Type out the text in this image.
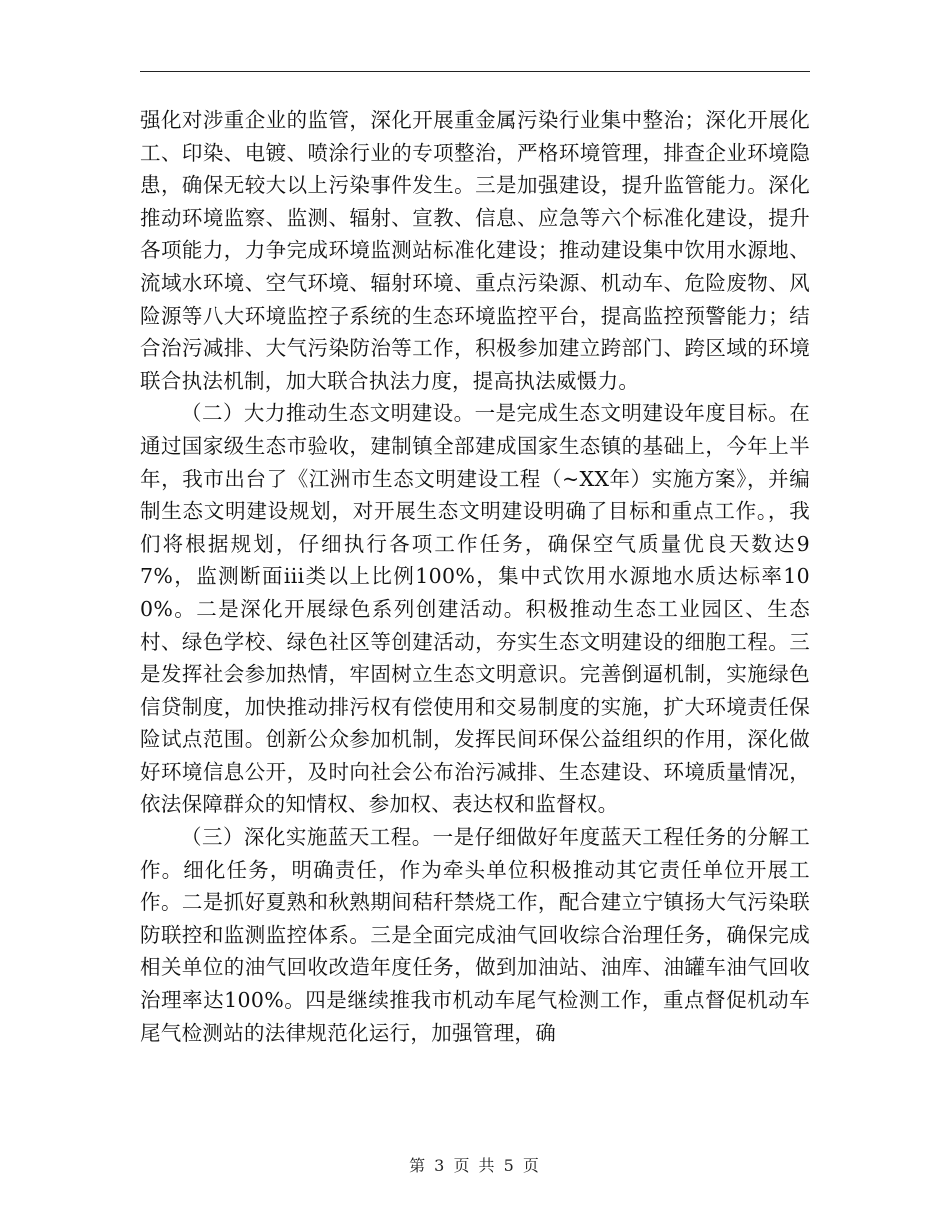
强化对涉重企业的监管，深化开展重金属污染行业集中整治；深化开展化工、印染、电镀、喷涂行业的专项整治，严格环境管理，排查企业环境隐患，确保无较大以上污染事件发生。三是加强建设，提升监管能力。深化推动环境监察、监测、辐射、宣教、信息、应急等六个标准化建设，提升各项能力，力争完成环境监测站标准化建设；推动建设集中饮用水源地、流域水环境、空气环境、辐射环境、重点污染源、机动车、危险废物、风险源等八大环境监控子系统的生态环境监控平台，提高监控预警能力；结合治污减排、大气污染防治等工作，积极参加建立跨部门、跨区域的环境联合执法机制，加大联合执法力度，提高执法威慑力。

（二）大力推动生态文明建设。一是完成生态文明建设年度目标。在通过国家级生态市验收，建制镇全部建成国家生态镇的基础上，今年上半年，我市出台了《江洲市生态文明建设工程（~XX年）实施方案》，并编制生态文明建设规划，对开展生态文明建设明确了目标和重点工作。，我们将根据规划，仔细执行各项工作任务，确保空气质量优良天数达97%，监测断面iii类以上比例100%，集中式饮用水源地水质达标率100%。二是深化开展绿色系列创建活动。积极推动生态工业园区、生态村、绿色学校、绿色社区等创建活动，夯实生态文明建设的细胞工程。三是发挥社会参加热情，牢固树立生态文明意识。完善倒逼机制，实施绿色信贷制度，加快推动排污权有偿使用和交易制度的实施，扩大环境责任保险试点范围。创新公众参加机制，发挥民间环保公益组织的作用，深化做好环境信息公开，及时向社会公布治污减排、生态建设、环境质量情况，依法保障群众的知情权、参加权、表达权和监督权。

（三）深化实施蓝天工程。一是仔细做好年度蓝天工程任务的分解工作。细化任务，明确责任，作为牵头单位积极推动其它责任单位开展工作。二是抓好夏熟和秋熟期间秸秆禁烧工作，配合建立宁镇扬大气污染联防联控和监测监控体系。三是全面完成油气回收综合治理任务，确保完成相关单位的油气回收改造年度任务，做到加油站、油库、油罐车油气回收治理率达100%。四是继续推我市机动车尾气检测工作，重点督促机动车尾气检测站的法律规范化运行，加强管理，确

第 3 页 共 5 页
